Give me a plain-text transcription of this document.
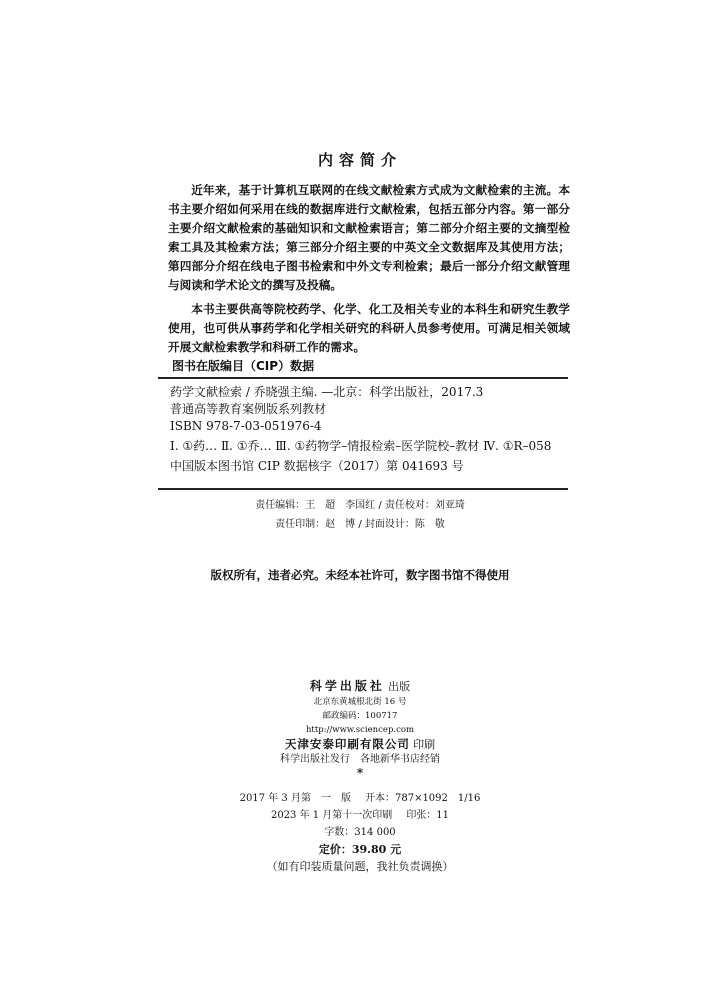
内容简介

近年来，基于计算机互联网的在线文献检索方式成为文献检索的主流。本书主要介绍如何采用在线的数据库进行文献检索，包括五部分内容。第一部分主要介绍文献检索的基础知识和文献检索语言；第二部分介绍主要的文摘型检索工具及其检索方法；第三部分介绍主要的中英文全文数据库及其使用方法；第四部分介绍在线电子图书检索和中外文专利检索；最后一部分介绍文献管理与阅读和学术论文的撰写及投稿。

本书主要供高等院校药学、化学、化工及相关专业的本科生和研究生教学使用，也可供从事药学和化学相关研究的科研人员参考使用。可满足相关领域开展文献检索教学和科研工作的需求。

图书在版编目（CIP）数据
药学文献检索 / 乔晓强主编. —北京：科学出版社，2017.3
普通高等教育案例版系列教材
ISBN 978-7-03-051976-4
Ⅰ. ①药… Ⅱ. ①乔… Ⅲ. ①药物学–情报检索–医学院校–教材 Ⅳ. ①R–058
中国版本图书馆 CIP 数据核字（2017）第 041693 号
责任编辑：王　超　李国红 / 责任校对：刘亚琦
责任印制：赵　博 / 封面设计：陈　敬
版权所有，违者必究。未经本社许可，数字图书馆不得使用
科学出版社 出版
北京东黄城根北街 16 号
邮政编码：100717
http://www.sciencep.com
天津安泰印刷有限公司 印刷
科学出版社发行　各地新华书店经销
*
2017 年 3 月第　一　版 开本：787×1092　1/16
2023 年 1 月第十一次印刷 印张：11
字数：314 000
定价：39.80 元
（如有印装质量问题，我社负责调换）
